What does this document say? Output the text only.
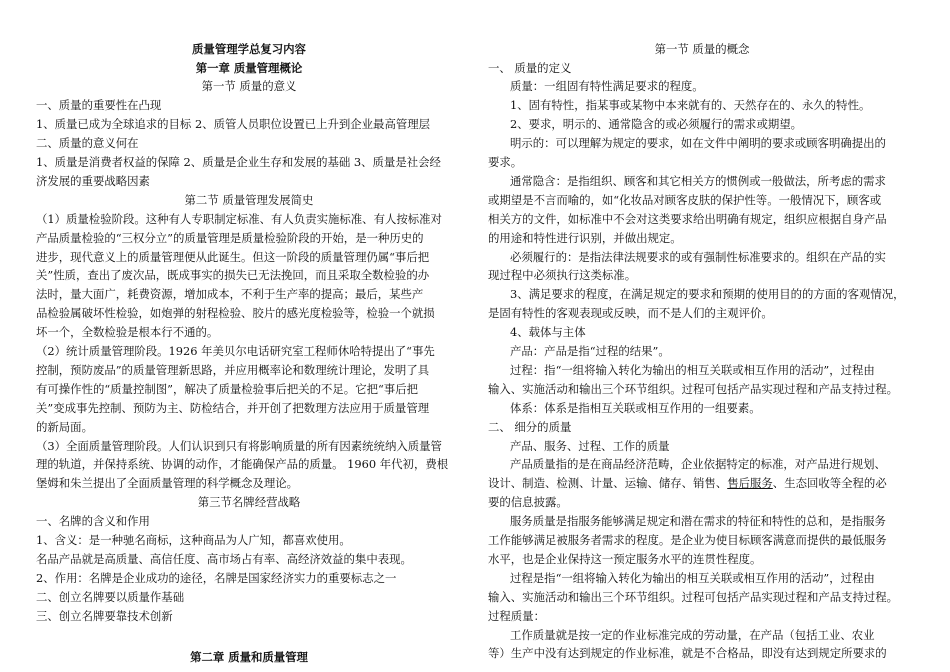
质量管理学总复习内容
第一章 质量管理概论
第一节 质量的意义
一、质量的重要性在凸现
1、质量已成为全球追求的目标 2、质管人员职位设置已上升到企业最高管理层
二、质量的意义何在
1、质量是消费者权益的保障 2、质量是企业生存和发展的基础 3、质量是社会经
济发展的重要战略因素
第二节 质量管理发展简史
（1）质量检验阶段。这种有人专职制定标准、有人负责实施标准、有人按标准对
产品质量检验的“三权分立”的质量管理是质量检验阶段的开始，是一种历史的
进步，现代意义上的质量管理便从此诞生。但这一阶段的质量管理仍属“事后把
关”性质，查出了废次品，既成事实的损失已无法挽回，而且采取全数检验的办
法时，量大面广，耗费资源，增加成本，不利于生产率的提高；最后，某些产
品检验属破坏性检验，如炮弹的射程检验、胶片的感光度检验等，检验一个就损
坏一个，全数检验是根本行不通的。
（2）统计质量管理阶段。1926 年美贝尔电话研究室工程师休哈特提出了“事先
控制，预防废品”的质量管理新思路，并应用概率论和数理统计理论，发明了具
有可操作性的“质量控制图”，解决了质量检验事后把关的不足。它把“事后把
关”变成事先控制、预防为主、防检结合，并开创了把数理方法应用于质量管理
的新局面。
（3）全面质量管理阶段。人们认识到只有将影响质量的所有因素统统纳入质量管
理的轨道，并保持系统、协调的动作，才能确保产品的质量。 1960 年代初，费根
堡姆和朱兰提出了全面质量管理的科学概念及理论。
第三节名牌经营战略
一、名牌的含义和作用
1、含义：是一种驰名商标，这种商品为人广知，都喜欢使用。
名品产品就是高质量、高信任度、高市场占有率、高经济效益的集中表现。
2、作用：名牌是企业成功的途径，名牌是国家经济实力的重要标志之一
二、创立名牌要以质量作基础
三、创立名牌要靠技术创新
第二章 质量和质量管理
第一节 质量的概念
一、 质量的定义
质量：一组固有特性满足要求的程度。
1、固有特性，指某事或某物中本来就有的、天然存在的、永久的特性。
2、要求，明示的、通常隐含的或必须履行的需求或期望。
明示的：可以理解为规定的要求，如在文件中阐明的要求或顾客明确提出的
要求。
通常隐含：是指组织、顾客和其它相关方的惯例或一般做法，所考虑的需求
或期望是不言而喻的，如“化妆品对顾客皮肤的保护性等。一般情况下，顾客或
相关方的文件，如标准中不会对这类要求给出明确有规定，组织应根据自身产品
的用途和特性进行识别，并做出规定。
必须履行的：是指法律法规要求的或有强制性标准要求的。组织在产品的实
现过程中必须执行这类标准。
3、满足要求的程度，在满足规定的要求和预期的使用目的的方面的客观情况，
是固有特性的客观表现或反映，而不是人们的主观评价。
4、载体与主体
产品：产品是指“过程的结果”。
过程：指“一组将输入转化为输出的相互关联或相互作用的活动”，过程由
输入、实施活动和输出三个环节组织。过程可包括产品实现过程和产品支持过程。
体系：体系是指相互关联或相互作用的一组要素。
二、 细分的质量
产品、服务、过程、工作的质量
产品质量指的是在商品经济范畴，企业依据特定的标准，对产品进行规划、
设计、制造、检测、计量、运输、储存、销售、售后服务、生态回收等全程的必
要的信息披露。
服务质量是指服务能够满足规定和潜在需求的特征和特性的总和，是指服务
工作能够满足被服务者需求的程度。是企业为使目标顾客满意而提供的最低服务
水平，也是企业保持这一预定服务水平的连贯性程度。
过程是指“一组将输入转化为输出的相互关联或相互作用的活动”，过程由
输入、实施活动和输出三个环节组织。过程可包括产品实现过程和产品支持过程。
过程质量：
工作质量就是按一定的作业标准完成的劳动量，在产品（包括工业、农业
等）生产中没有达到规定的作业标准，就是不合格品，即没有达到规定所要求的
